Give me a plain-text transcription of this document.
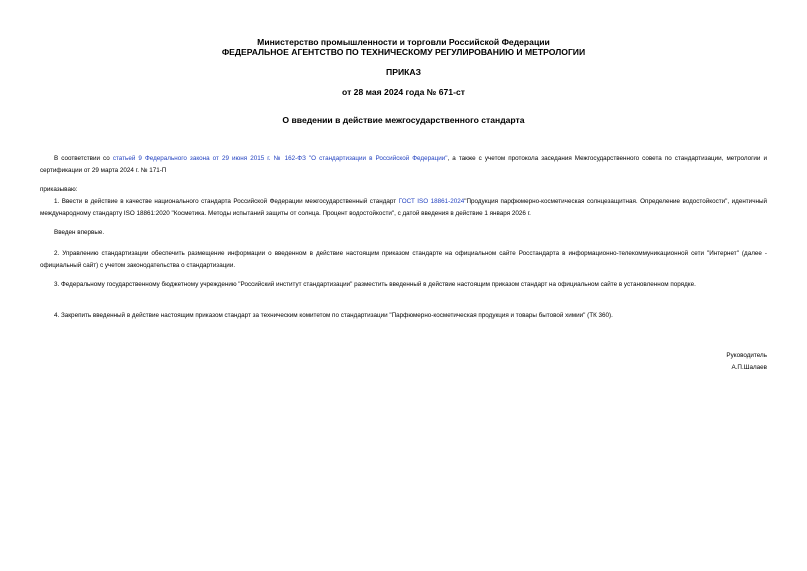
Министерство промышленности и торговли Российской Федерации
ФЕДЕРАЛЬНОЕ АГЕНТСТВО ПО ТЕХНИЧЕСКОМУ РЕГУЛИРОВАНИЮ И МЕТРОЛОГИИ
ПРИКАЗ
от 28 мая 2024 года № 671-ст
О введении в действие межгосударственного стандарта

В соответствии со статьей 9 Федерального закона от 29 июня 2015 г. № 162-ФЗ "О стандартизации в Российской Федерации", а также с учетом протокола заседания Межгосударственного совета по стандартизации, метрологии и сертификации от 29 марта 2024 г. № 171-П

приказываю:

1. Ввести в действие в качестве национального стандарта Российской Федерации межгосударственный стандарт ГОСТ ISO 18861-2024"Продукция парфюмерно-косметическая солнцезащитная. Определение водостойкости", идентичный международному стандарту ISO 18861:2020 "Косметика. Методы испытаний защиты от солнца. Процент водостойкости", с датой введения в действие 1 января 2026 г.

Введен впервые.

2. Управлению стандартизации обеспечить размещение информации о введенном в действие настоящим приказом стандарте на официальном сайте Росстандарта в информационно-телекоммуникационной сети "Интернет" (далее - официальный сайт) с учетом законодательства о стандартизации.

3. Федеральному государственному бюджетному учреждению "Российский институт стандартизации" разместить введенный в действие настоящим приказом стандарт на официальном сайте в установленном порядке.

4. Закрепить введенный в действие настоящим приказом стандарт за техническим комитетом по стандартизации "Парфюмерно-косметическая продукция и товары бытовой химии" (ТК 360).

Руководитель
А.П.Шалаев
